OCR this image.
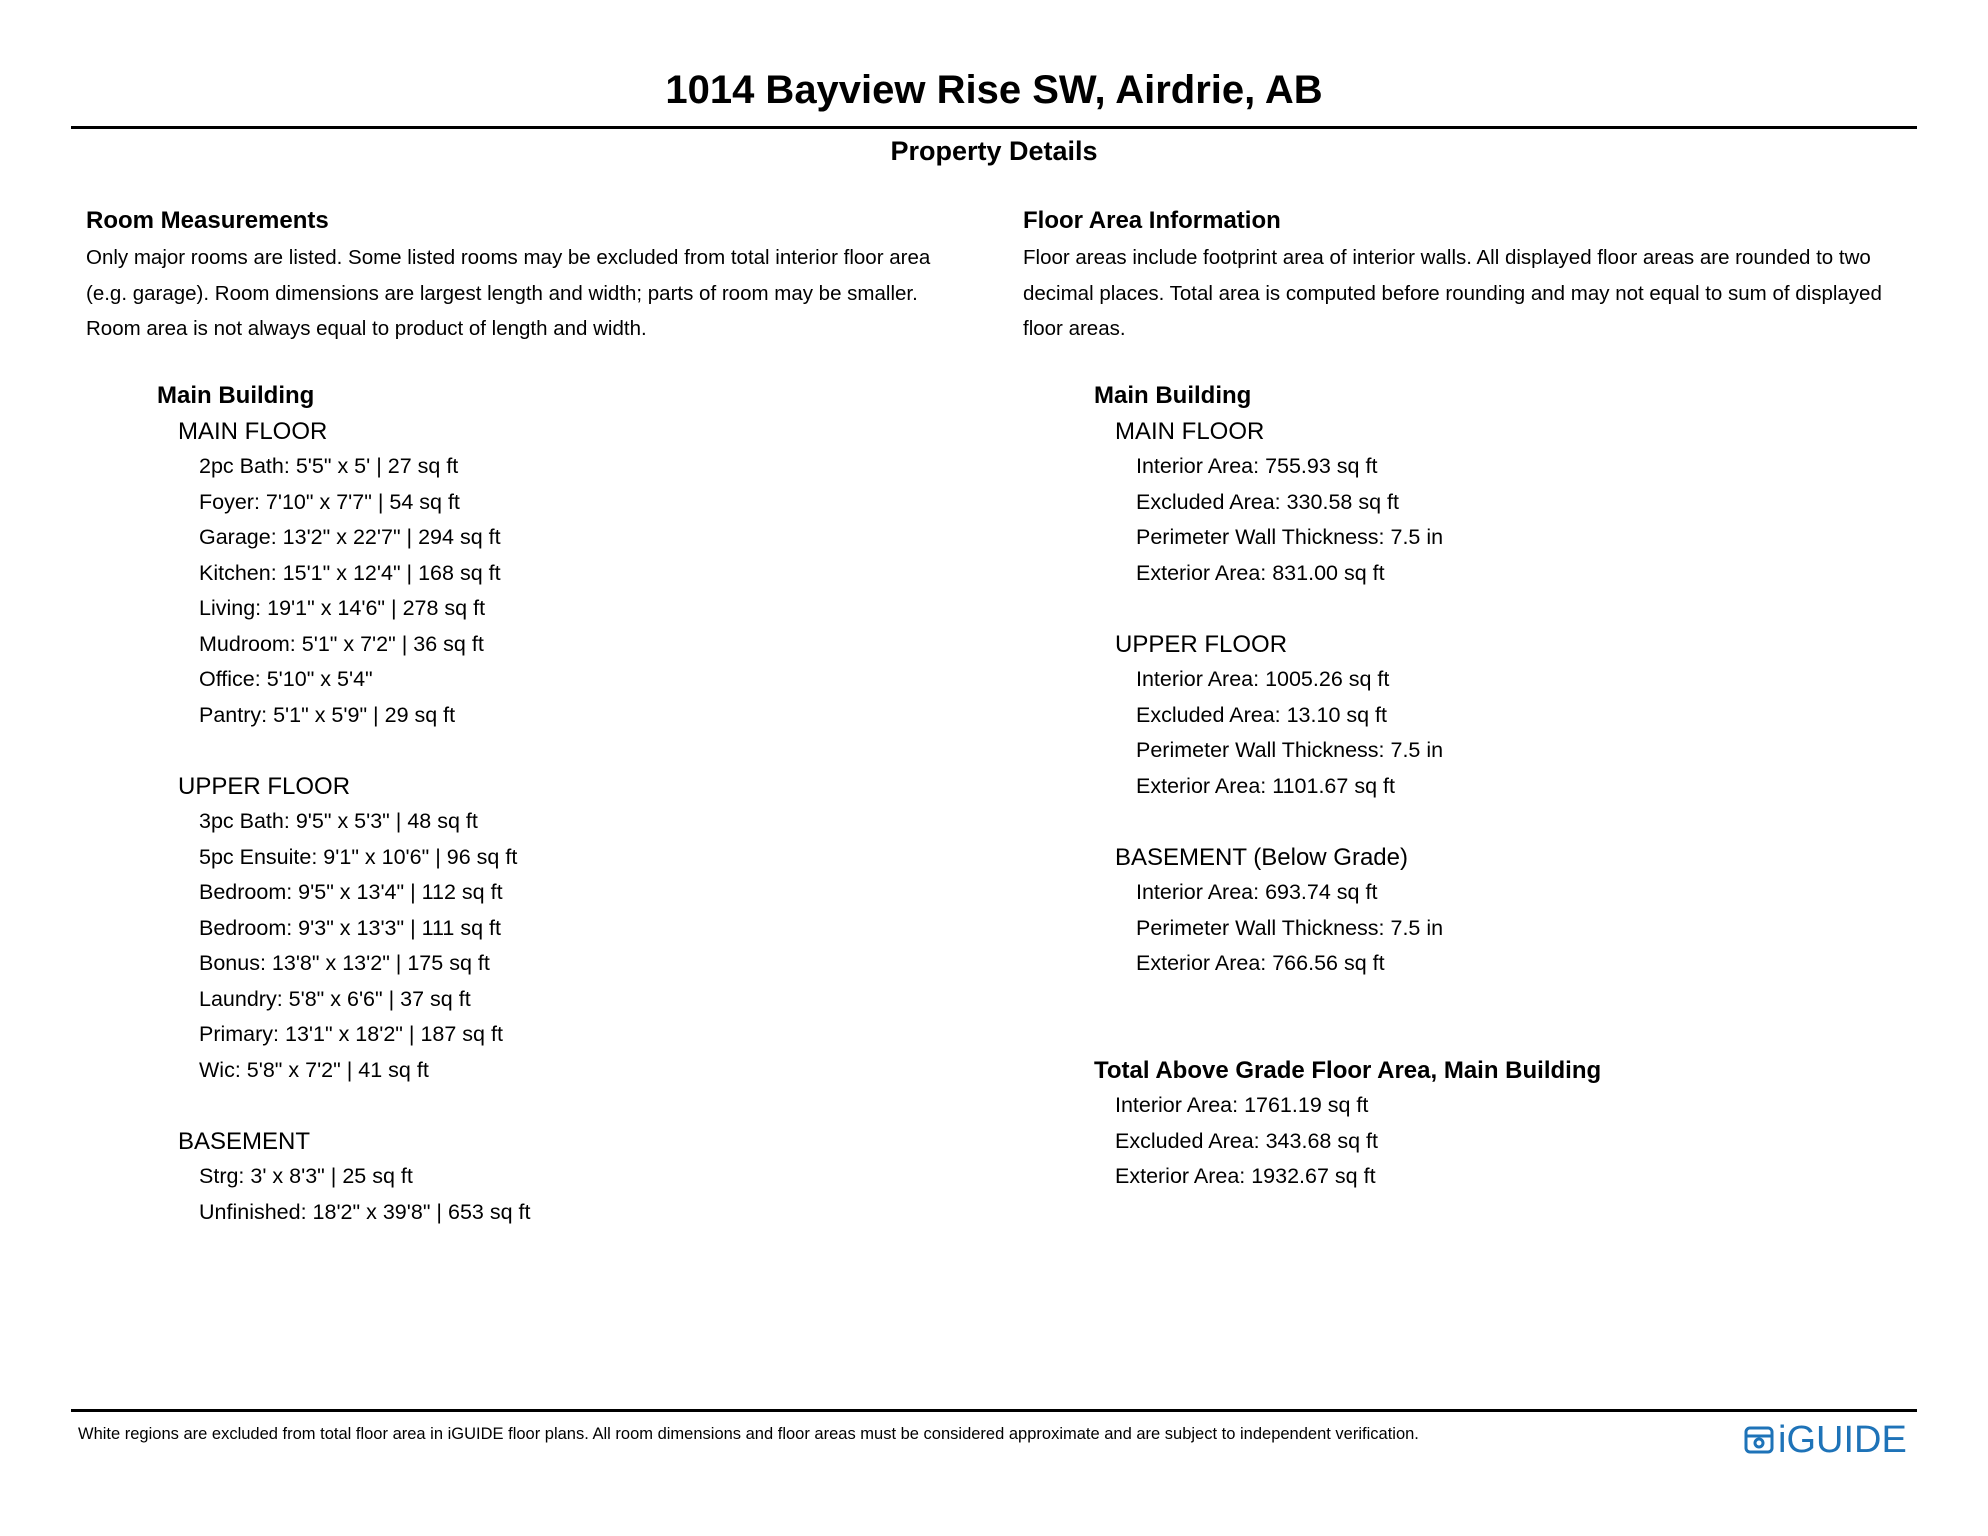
1014 Bayview Rise SW, Airdrie, AB
Property Details
Room Measurements
Only major rooms are listed. Some listed rooms may be excluded from total interior floor area
(e.g. garage). Room dimensions are largest length and width; parts of room may be smaller.
Room area is not always equal to product of length and width.
Main Building
MAIN FLOOR
2pc Bath: 5'5" x 5' | 27 sq ft
Foyer: 7'10" x 7'7" | 54 sq ft
Garage: 13'2" x 22'7" | 294 sq ft
Kitchen: 15'1" x 12'4" | 168 sq ft
Living: 19'1" x 14'6" | 278 sq ft
Mudroom: 5'1" x 7'2" | 36 sq ft
Office: 5'10" x 5'4"
Pantry: 5'1" x 5'9" | 29 sq ft
UPPER FLOOR
3pc Bath: 9'5" x 5'3" | 48 sq ft
5pc Ensuite: 9'1" x 10'6" | 96 sq ft
Bedroom: 9'5" x 13'4" | 112 sq ft
Bedroom: 9'3" x 13'3" | 111 sq ft
Bonus: 13'8" x 13'2" | 175 sq ft
Laundry: 5'8" x 6'6" | 37 sq ft
Primary: 13'1" x 18'2" | 187 sq ft
Wic: 5'8" x 7'2" | 41 sq ft
BASEMENT
Strg: 3' x 8'3" | 25 sq ft
Unfinished: 18'2" x 39'8" | 653 sq ft
Floor Area Information
Floor areas include footprint area of interior walls. All displayed floor areas are rounded to two
decimal places. Total area is computed before rounding and may not equal to sum of displayed
floor areas.
Main Building
MAIN FLOOR
Interior Area: 755.93 sq ft
Excluded Area: 330.58 sq ft
Perimeter Wall Thickness: 7.5 in
Exterior Area: 831.00 sq ft
UPPER FLOOR
Interior Area: 1005.26 sq ft
Excluded Area: 13.10 sq ft
Perimeter Wall Thickness: 7.5 in
Exterior Area: 1101.67 sq ft
BASEMENT (Below Grade)
Interior Area: 693.74 sq ft
Perimeter Wall Thickness: 7.5 in
Exterior Area: 766.56 sq ft
Total Above Grade Floor Area, Main Building
Interior Area: 1761.19 sq ft
Excluded Area: 343.68 sq ft
Exterior Area: 1932.67 sq ft

White regions are excluded from total floor area in iGUIDE floor plans. All room dimensions and floor areas must be considered approximate and are subject to independent verification.	iGUIDE
